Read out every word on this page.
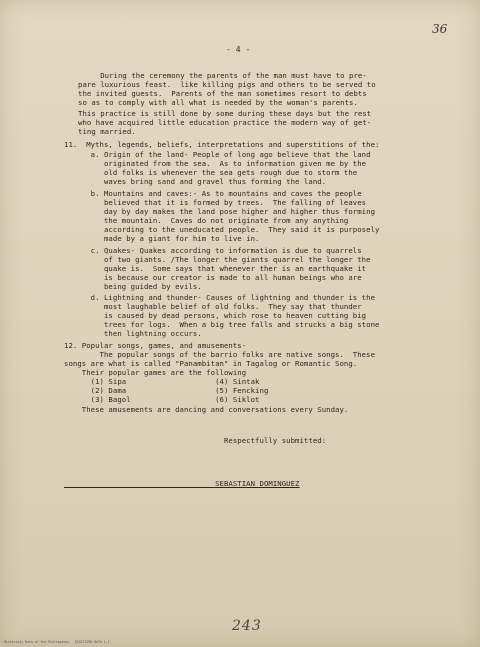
36
- 4 -
During the ceremony the parents of the man must have to pre-
pare luxurious feast.  like killing pigs and others to be served to
the invited guests.  Parents of the man sometimes resort to debts
so as to comply with all what is needed by the woman's parents.
This practice is still done by some during these days but the rest
who have acquired little education practice the modern way of get-
ting married.
11.  Myths, legends, beliefs, interpretations and superstitions of the:
a. Origin of the land- People of long ago believe that the land
originated from the sea.  As to information given me by the
old folks is whenever the sea gets rough due to storm the
waves bring sand and gravel thus forming the land.
b. Mountains and caves:- As to mountains and caves the people
believed that it is formed by trees.  The falling of leaves
day by day makes the land pose higher and higher thus forming
the mountain.  Caves do not originate from any anything
according to the uneducated people.  They said it is purposely
made by a giant for him to live in.
c. Quakes- Quakes according to information is due to quarrels
of two giants. /The longer the giants quarrel the longer the
quake is.  Some says that whenever ther is an earthquake it
is because our creator is made to all human beings who are
being guided by evils.
d. Lightning and thunder- Causes of lightning and thunder is the
most laughable belief of old folks.  They say that thunder
is caused by dead persons, which rose to heaven cutting big
trees for logs.  When a big tree falls and strucks a big stone
then lightning occurs.
12. Popular songs, games, and amusements-
The popular songs of the barrio folks are native songs.  These
songs are what is called "Panambitan" in Tagalog or Romantic Song.
Their popular games are the following
(1) Sipa                    (4) Sintak
(2) Dama                    (5) Fencking
(3) Bagol                   (6) Siklot
These amusements are dancing and conversations every Sunday.
Respectfully submitted:
SEBASTIAN DOMINGUEZ
243
Historical Data of the Philippines   DIGITIZED DATA 1-1
